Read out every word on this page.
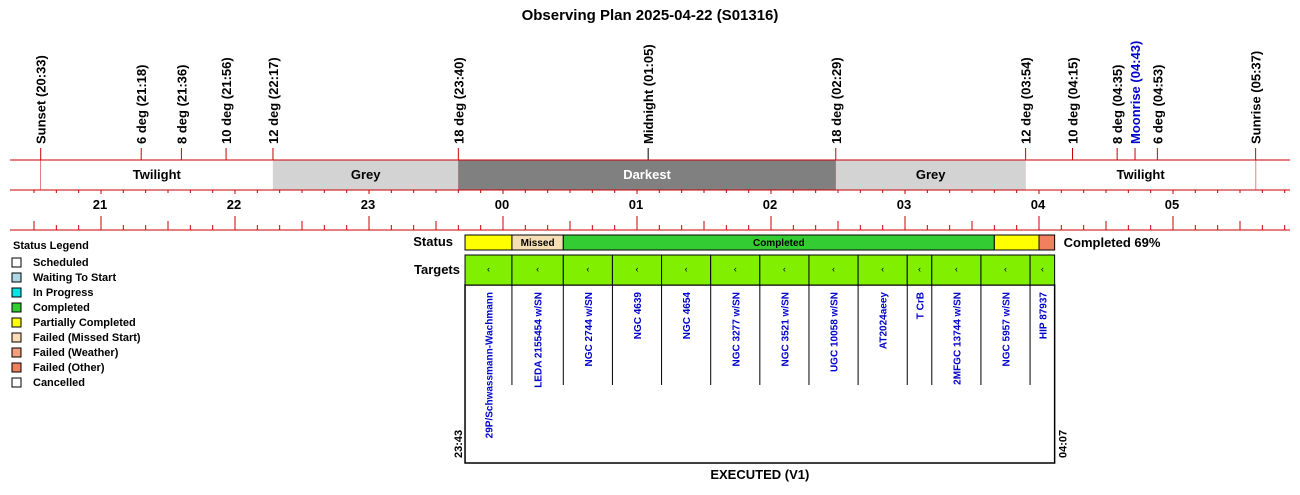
Observing Plan 2025-04-22 (S01316)
Sunset (20:33)	6 deg (21:18) 8 deg (21:36) 10 deg (21:56) 12 deg (22:17)	18 deg (23:40)	Midnight (01:05)	18 deg (02:29)	12 deg (03:54) 10 deg (04:15) 8 deg (04:35) Moonrise (04:43) 6 deg (04:53)	Sunrise (05:37)
Twilight	Grey	Darkest	Grey	Twilight
21	22	23	00	01	02	03	04	05
Status Legend
Scheduled
Waiting To Start
In Progress
Completed
Partially Completed
Failed (Missed Start)
Failed (Weather)
Failed (Other)
Cancelled
Status	Missed	Completed	Completed 69%
Targets	‹
29P/Schwassmann-Wachmann
‹
LEDA 2155454 w/SN
‹
NGC 2744 w/SN
‹
NGC 4639
‹
NGC 4654
‹
NGC 3277 w/SN
‹
NGC 3521 w/SN
‹
UGC 10058 w/SN
‹
AT2024aeey
‹
T CrB
‹
2MFGC 13744 w/SN
‹
NGC 5957 w/SN
‹
HIP 87937
23:43	04:07
EXECUTED (V1)
